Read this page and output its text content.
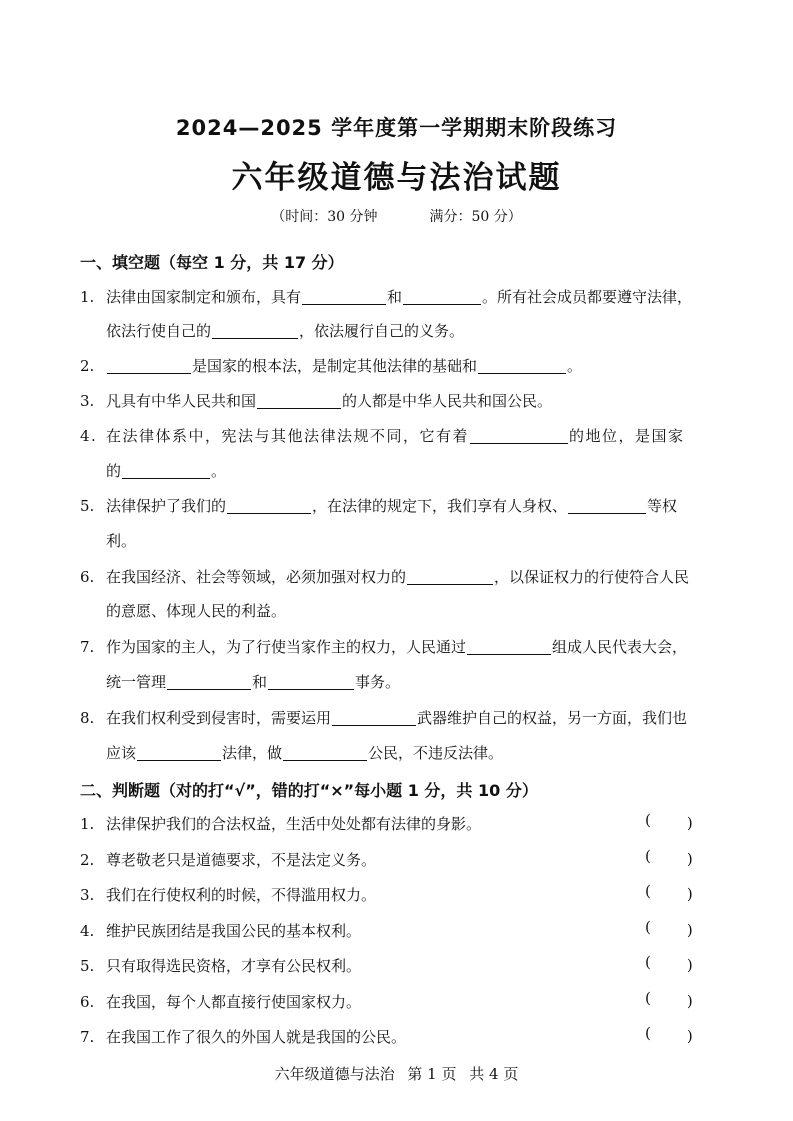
2024—2025 学年度第一学期期末阶段练习
六年级道德与法治试题
（时间：30 分钟	满分：50 分）
一、填空题（每空 1 分，共 17 分）
1. 法律由国家制定和颁布，具有	和	。所有社会成员都要遵守法律，
依法行使自己的	，依法履行自己的义务。
2.	是国家的根本法，是制定其他法律的基础和	。
3. 凡具有中华人民共和国	的人都是中华人民共和国公民。
4. 在法律体系中，宪法与其他法律法规不同，它有着	的地位，是国家
的	。
5. 法律保护了我们的	，在法律的规定下，我们享有人身权、	等权
利。
6. 在我国经济、社会等领域，必须加强对权力的	，以保证权力的行使符合人民
的意愿、体现人民的利益。
7. 作为国家的主人，为了行使当家作主的权力，人民通过	组成人民代表大会，
统一管理	和	事务。
8. 在我们权利受到侵害时，需要运用	武器维护自己的权益，另一方面，我们也
应该	法律，做	公民，不违反法律。
二、判断题（对的打“√”，错的打“×”每小题 1 分，共 10 分）
1. 法律保护我们的合法权益，生活中处处都有法律的身影。	( )
2. 尊老敬老只是道德要求，不是法定义务。	( )
3. 我们在行使权利的时候，不得滥用权力。	( )
4. 维护民族团结是我国公民的基本权利。	( )
5. 只有取得选民资格，才享有公民权利。	( )
6. 在我国，每个人都直接行使国家权力。	( )
7. 在我国工作了很久的外国人就是我国的公民。	( )
六年级道德与法治 第 1 页 共 4 页
